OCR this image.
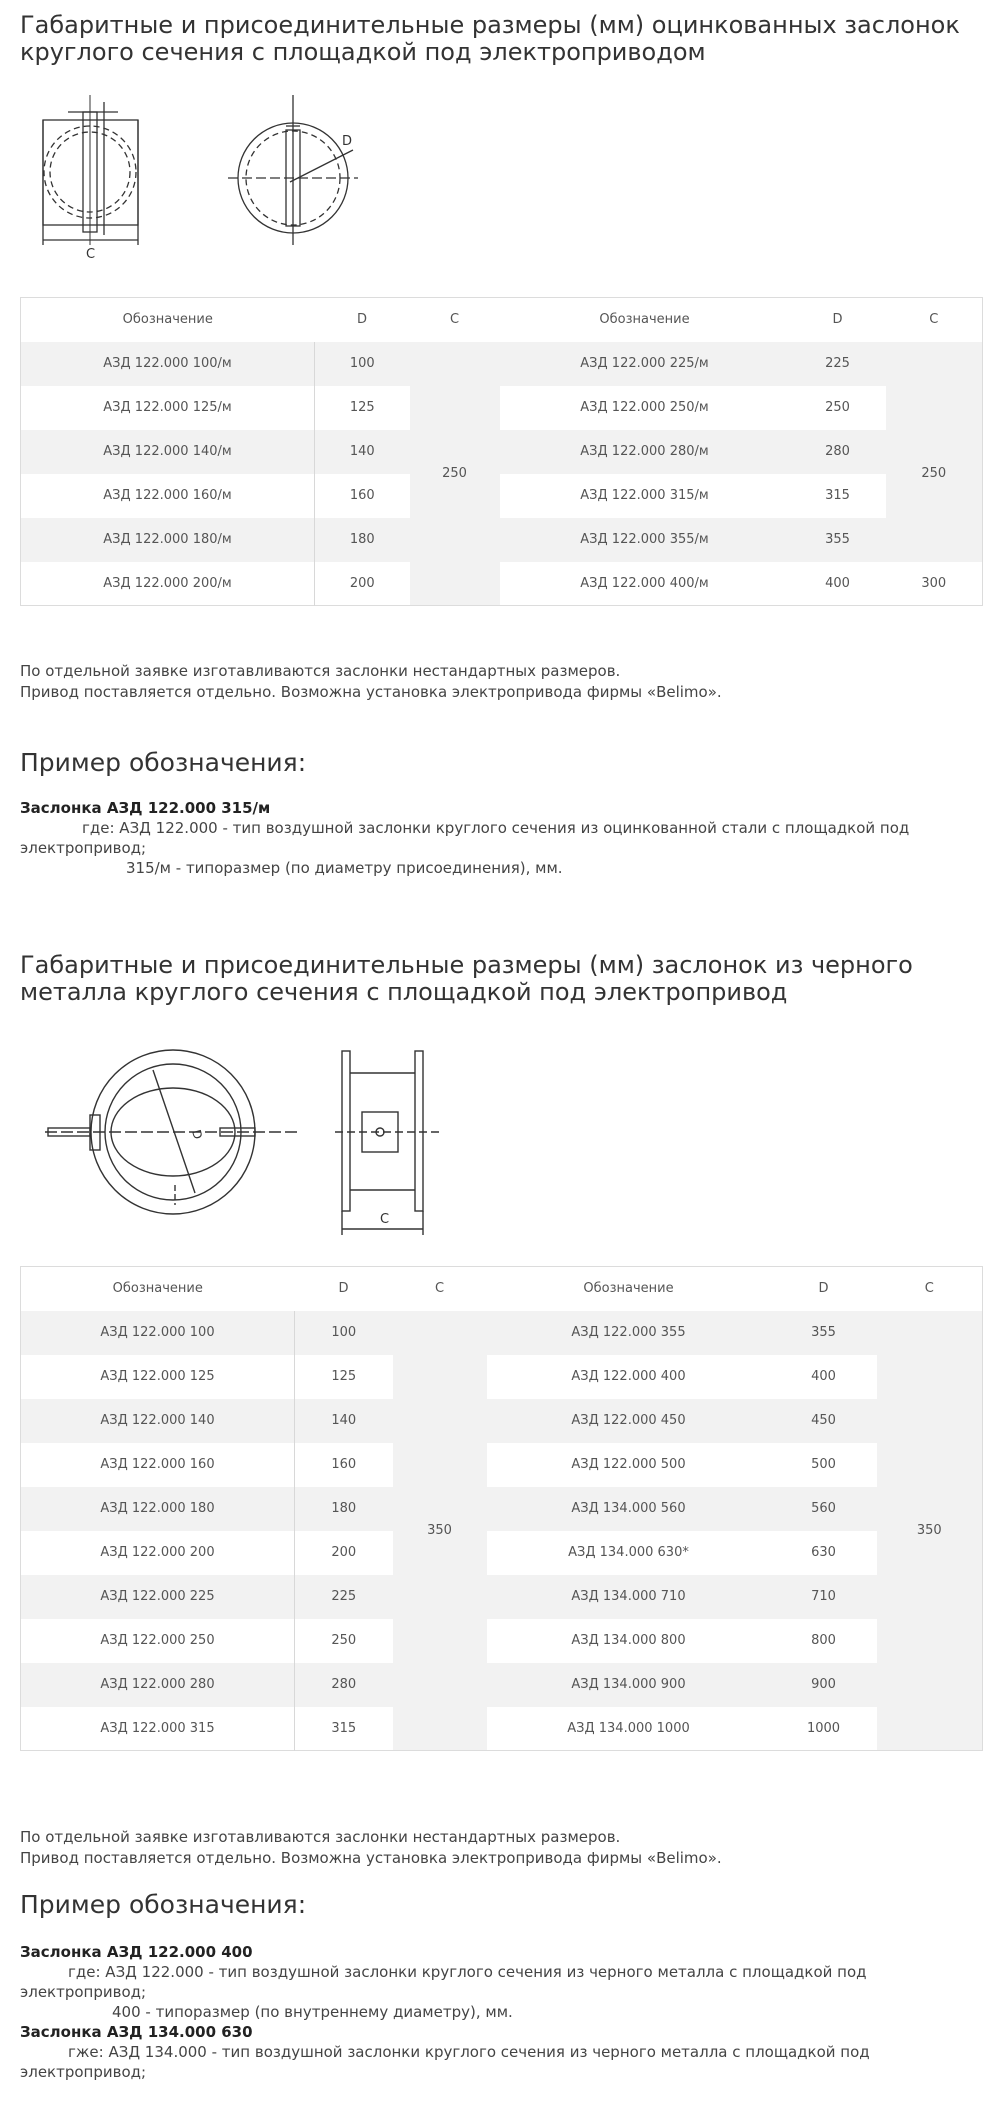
Габаритные и присоединительные размеры (мм) оцинкованных заслонок круглого сечения с площадкой под электроприводом
C
D
Обозначение	D	C	Обозначение	D	C
АЗД 122.000 100/м	100	250	АЗД 122.000 225/м	225	
АЗД 122.000 125/м	125		АЗД 122.000 250/м	250	250
АЗД 122.000 140/м	140		АЗД 122.000 280/м	280	
АЗД 122.000 160/м	160		АЗД 122.000 315/м	315	
АЗД 122.000 180/м	180		АЗД 122.000 355/м	355	
АЗД 122.000 200/м	200		АЗД 122.000 400/м	400	300
По отдельной заявке изготавливаются заслонки нестандартных размеров.
Привод поставляется отдельно. Возможна установка электропривода фирмы «Belimo».
Пример обозначения:
Заслонка АЗД 122.000 315/м
где: АЗД 122.000 - тип воздушной заслонки круглого сечения из оцинкованной стали с площадкой под электропривод;
315/м - типоразмер (по диаметру присоединения), мм.
Габаритные и присоединительные размеры (мм) заслонок из черного металла круглого сечения с площадкой под электропривод
C
D
Обозначение	D	C	Обозначение	D	C
АЗД 122.000 100	100	350	АЗД 122.000 355	355	350
АЗД 122.000 125	125		АЗД 122.000 400	400	
АЗД 122.000 140	140		АЗД 122.000 450	450	
АЗД 122.000 160	160		АЗД 122.000 500	500	
АЗД 122.000 180	180		АЗД 134.000 560	560	
АЗД 122.000 200	200		АЗД 134.000 630*	630	
АЗД 122.000 225	225		АЗД 134.000 710	710	
АЗД 122.000 250	250		АЗД 134.000 800	800	
АЗД 122.000 280	280		АЗД 134.000 900	900	
АЗД 122.000 315	315		АЗД 134.000 1000	1000	
По отдельной заявке изготавливаются заслонки нестандартных размеров.
Привод поставляется отдельно. Возможна установка электропривода фирмы «Belimo».
Пример обозначения:
Заслонка АЗД 122.000 400
где: АЗД 122.000 - тип воздушной заслонки круглого сечения из черного металла с площадкой под электропривод;
400 - типоразмер (по внутреннему диаметру), мм.
Заслонка АЗД 134.000 630
гже: АЗД 134.000 - тип воздушной заслонки круглого сечения из черного металла с площадкой под электропривод;
